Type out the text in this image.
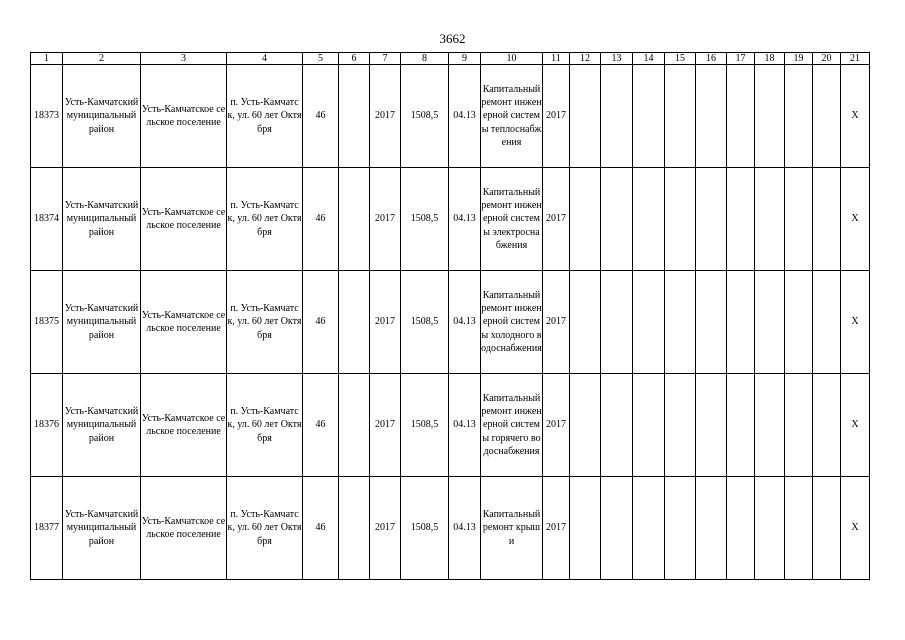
3662
1	2	3	4	5	6	7	8	9	10	11	12	13	14	15	16	17	18	19	20	21
18373	Усть-Камчатский муниципальный район	Усть-Камчатское сельское поселение	п. Усть-Камчатск, ул. 60 лет Октября	46		2017	1508,5	04.13	Капитальный ремонт инженерной системы теплоснабжения	2017										Х
18374	Усть-Камчатский муниципальный район	Усть-Камчатское сельское поселение	п. Усть-Камчатск, ул. 60 лет Октября	46		2017	1508,5	04.13	Капитальный ремонт инженерной системы электроснабжения	2017										Х
18375	Усть-Камчатский муниципальный район	Усть-Камчатское сельское поселение	п. Усть-Камчатск, ул. 60 лет Октября	46		2017	1508,5	04.13	Капитальный ремонт инженерной системы холодного водоснабжения	2017										Х
18376	Усть-Камчатский муниципальный район	Усть-Камчатское сельское поселение	п. Усть-Камчатск, ул. 60 лет Октября	46		2017	1508,5	04.13	Капитальный ремонт инженерной системы горячего водоснабжения	2017										Х
18377	Усть-Камчатский муниципальный район	Усть-Камчатское сельское поселение	п. Усть-Камчатск, ул. 60 лет Октября	46		2017	1508,5	04.13	Капитальный ремонт крыши	2017										Х
